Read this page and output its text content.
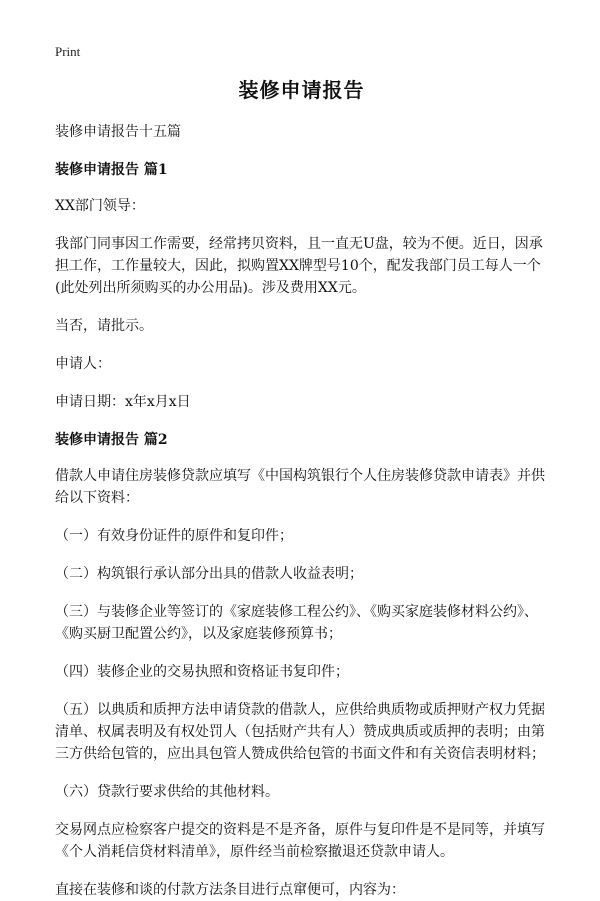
Print
装修申请报告

装修申请报告十五篇

装修申请报告 篇1

XX部门领导：

我部门同事因工作需要，经常拷贝资料，且一直无U盘，较为不便。近日，因承担工作，工作量较大，因此，拟购置XX牌型号10个，配发我部门员工每人一个(此处列出所须购买的办公用品)。涉及费用XX元。

当否，请批示。

申请人：

申请日期：x年x月x日

装修申请报告 篇2

借款人申请住房装修贷款应填写《中国构筑银行个人住房装修贷款申请表》并供给以下资料：

（一）有效身份证件的原件和复印件；

（二）构筑银行承认部分出具的借款人收益表明；

（三）与装修企业等签订的《家庭装修工程公约》、《购买家庭装修材料公约》、《购买厨卫配置公约》，以及家庭装修预算书；

（四）装修企业的交易执照和资格证书复印件；

（五）以典质和质押方法申请贷款的借款人，应供给典质物或质押财产权力凭据清单、权属表明及有权处罚人（包括财产共有人）赞成典质或质押的表明；由第三方供给包管的，应出具包管人赞成供给包管的书面文件和有关资信表明材料；

（六）贷款行要求供给的其他材料。

交易网点应检察客户提交的资料是不是齐备，原件与复印件是不是同等，并填写《个人消耗信贷材料清单》，原件经当前检察撤退还贷款申请人。

直接在装修和谈的付款方法条目进行点窜便可，内容为：
